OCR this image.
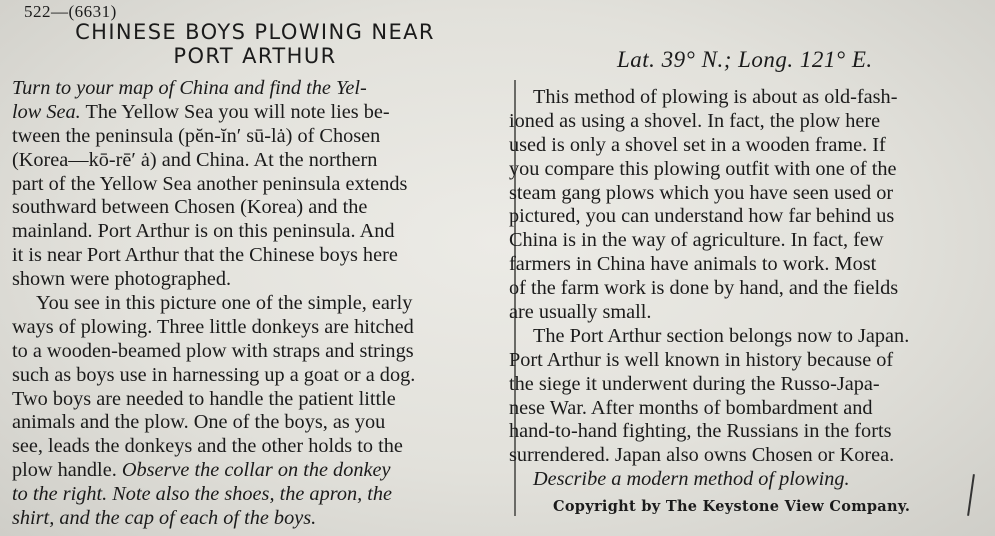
522—(6631)
CHINESE BOYS PLOWING NEAR
PORT ARTHUR	Lat. 39° N.; Long. 121° E.
Turn to your map of China and find the Yel-
low Sea. The Yellow Sea you will note lies be-
tween the peninsula (pĕn-ĭn′ sū-lȧ) of Chosen
(Korea—kō-rē′ ȧ) and China. At the northern
part of the Yellow Sea another peninsula extends
southward between Chosen (Korea) and the
mainland. Port Arthur is on this peninsula. And
it is near Port Arthur that the Chinese boys here
shown were photographed.
You see in this picture one of the simple, early
ways of plowing. Three little donkeys are hitched
to a wooden-beamed plow with straps and strings
such as boys use in harnessing up a goat or a dog.
Two boys are needed to handle the patient little
animals and the plow. One of the boys, as you
see, leads the donkeys and the other holds to the
plow handle. Observe the collar on the donkey
to the right. Note also the shoes, the apron, the
shirt, and the cap of each of the boys.
This method of plowing is about as old-fash-
ioned as using a shovel. In fact, the plow here
used is only a shovel set in a wooden frame. If
you compare this plowing outfit with one of the
steam gang plows which you have seen used or
pictured, you can understand how far behind us
China is in the way of agriculture. In fact, few
farmers in China have animals to work. Most
of the farm work is done by hand, and the fields
are usually small.
The Port Arthur section belongs now to Japan.
Port Arthur is well known in history because of
the siege it underwent during the Russo-Japa-
nese War. After months of bombardment and
hand-to-hand fighting, the Russians in the forts
surrendered. Japan also owns Chosen or Korea.
Describe a modern method of plowing.
Copyright by The Keystone View Company.
